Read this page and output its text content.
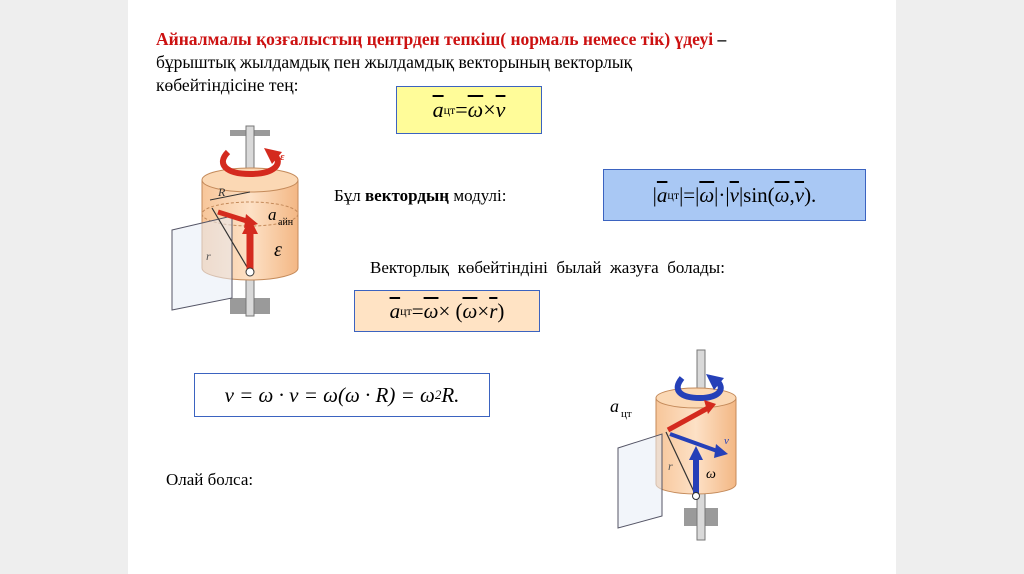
Айналмалы қозғалыстың центрден тепкіш( нормаль немесе тік) үдеуі –
бұрыштық жылдамдық пен жылдамдық векторының векторлық
көбейтіндісіне тең:
$\overline{a}$ цт = $\overline{\omega} \times \overline{v}$
ε
R
a айн
ε
r
Бұл вектордың модулі:	| $\overline{a}$ цт | = | $\overline{\omega}$ | · | $\overline{v}$ | sin( $\overline{\omega}$ , $\overline{v}$ ).
Векторлық  көбейтіндіні  былай  жазуға  болады:
$\overline{a}$ цт = $\overline{\omega}$ × ( $\overline{\omega} \times \overline{r}$ )
v = ω · v = ω(ω · R) = ω 2 R.
Олай болса:
a цт
v
r
ω
